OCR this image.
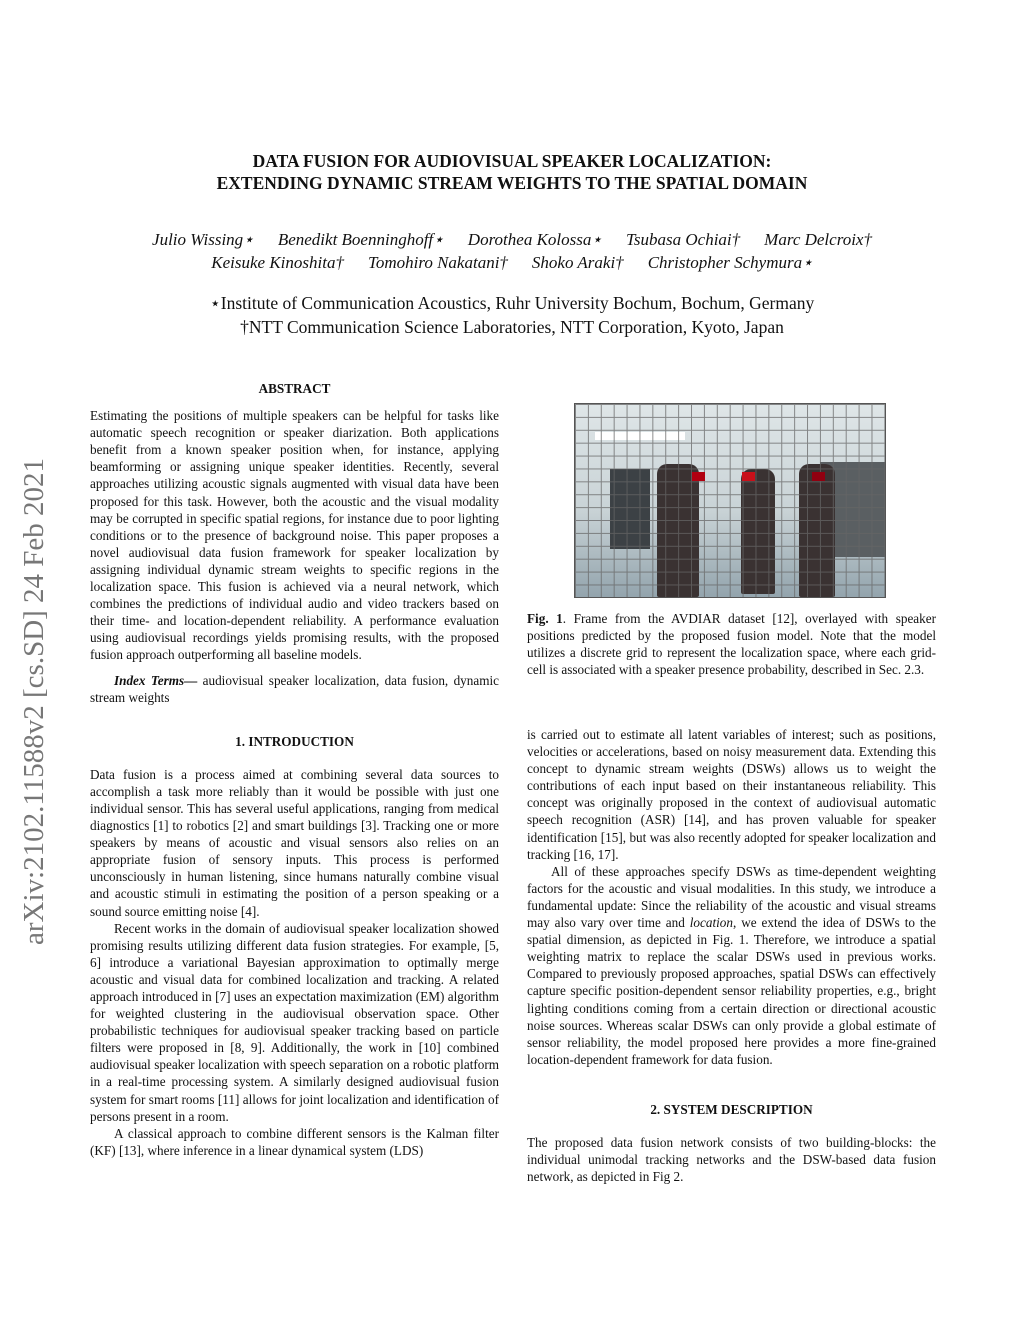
arXiv:2102.11588v2 [cs.SD] 24 Feb 2021
DATA FUSION FOR AUDIOVISUAL SPEAKER LOCALIZATION:
EXTENDING DYNAMIC STREAM WEIGHTS TO THE SPATIAL DOMAIN
Julio Wissing⋆ Benedikt Boenninghoff⋆ Dorothea Kolossa⋆ Tsubasa Ochiai† Marc Delcroix†
Keisuke Kinoshita† Tomohiro Nakatani† Shoko Araki† Christopher Schymura⋆
⋆Institute of Communication Acoustics, Ruhr University Bochum, Bochum, Germany
†NTT Communication Science Laboratories, NTT Corporation, Kyoto, Japan

ABSTRACT

Estimating the positions of multiple speakers can be helpful for tasks like automatic speech recognition or speaker diarization. Both applications benefit from a known speaker position when, for instance, applying beamforming or assigning unique speaker identities. Recently, several approaches utilizing acoustic signals augmented with visual data have been proposed for this task. However, both the acoustic and the visual modality may be corrupted in specific spatial regions, for instance due to poor lighting conditions or to the presence of background noise. This paper proposes a novel audiovisual data fusion framework for speaker localization by assigning individual dynamic stream weights to specific regions in the localization space. This fusion is achieved via a neural network, which combines the predictions of individual audio and video trackers based on their time- and location-dependent reliability. A performance evaluation using audiovisual recordings yields promising results, with the proposed fusion approach outperforming all baseline models.

Index Terms— audiovisual speaker localization, data fusion, dynamic stream weights

1. INTRODUCTION

Data fusion is a process aimed at combining several data sources to accomplish a task more reliably than it would be possible with just one individual sensor. This has several useful applications, ranging from medical diagnostics [1] to robotics [2] and smart buildings [3]. Tracking one or more speakers by means of acoustic and visual sensors also relies on an appropriate fusion of sensory inputs. This process is performed unconsciously in human listening, since humans naturally combine visual and acoustic stimuli in estimating the position of a person speaking or a sound source emitting noise [4].

Recent works in the domain of audiovisual speaker localization showed promising results utilizing different data fusion strategies. For example, [5, 6] introduce a variational Bayesian approximation to optimally merge acoustic and visual data for combined localization and tracking. A related approach introduced in [7] uses an expectation maximization (EM) algorithm for weighted clustering in the audiovisual observation space. Other probabilistic techniques for audiovisual speaker tracking based on particle filters were proposed in [8, 9]. Additionally, the work in [10] combined audiovisual speaker localization with speech separation on a robotic platform in a real-time processing system. A similarly designed audiovisual fusion system for smart rooms [11] allows for joint localization and identification of persons present in a room.

A classical approach to combine different sensors is the Kalman filter (KF) [13], where inference in a linear dynamical system (LDS)

Fig. 1. Frame from the AVDIAR dataset [12], overlayed with speaker positions predicted by the proposed fusion model. Note that the model utilizes a discrete grid to represent the localization space, where each grid-cell is associated with a speaker presence probability, described in Sec. 2.3.

is carried out to estimate all latent variables of interest; such as positions, velocities or accelerations, based on noisy measurement data. Extending this concept to dynamic stream weights (DSWs) allows us to weight the contributions of each input based on their instantaneous reliability. This concept was originally proposed in the context of audiovisual automatic speech recognition (ASR) [14], and has proven valuable for speaker identification [15], but was also recently adopted for speaker localization and tracking [16, 17].

All of these approaches specify DSWs as time-dependent weighting factors for the acoustic and visual modalities. In this study, we introduce a fundamental update: Since the reliability of the acoustic and visual streams may also vary over time and location, we extend the idea of DSWs to the spatial dimension, as depicted in Fig. 1. Therefore, we introduce a spatial weighting matrix to replace the scalar DSWs used in previous works. Compared to previously proposed approaches, spatial DSWs can effectively capture specific position-dependent sensor reliability properties, e.g., bright lighting conditions coming from a certain direction or directional acoustic noise sources. Whereas scalar DSWs can only provide a global estimate of sensor reliability, the model proposed here provides a more fine-grained location-dependent framework for data fusion.

2. SYSTEM DESCRIPTION

The proposed data fusion network consists of two building-blocks: the individual unimodal tracking networks and the DSW-based data fusion network, as depicted in Fig 2.
